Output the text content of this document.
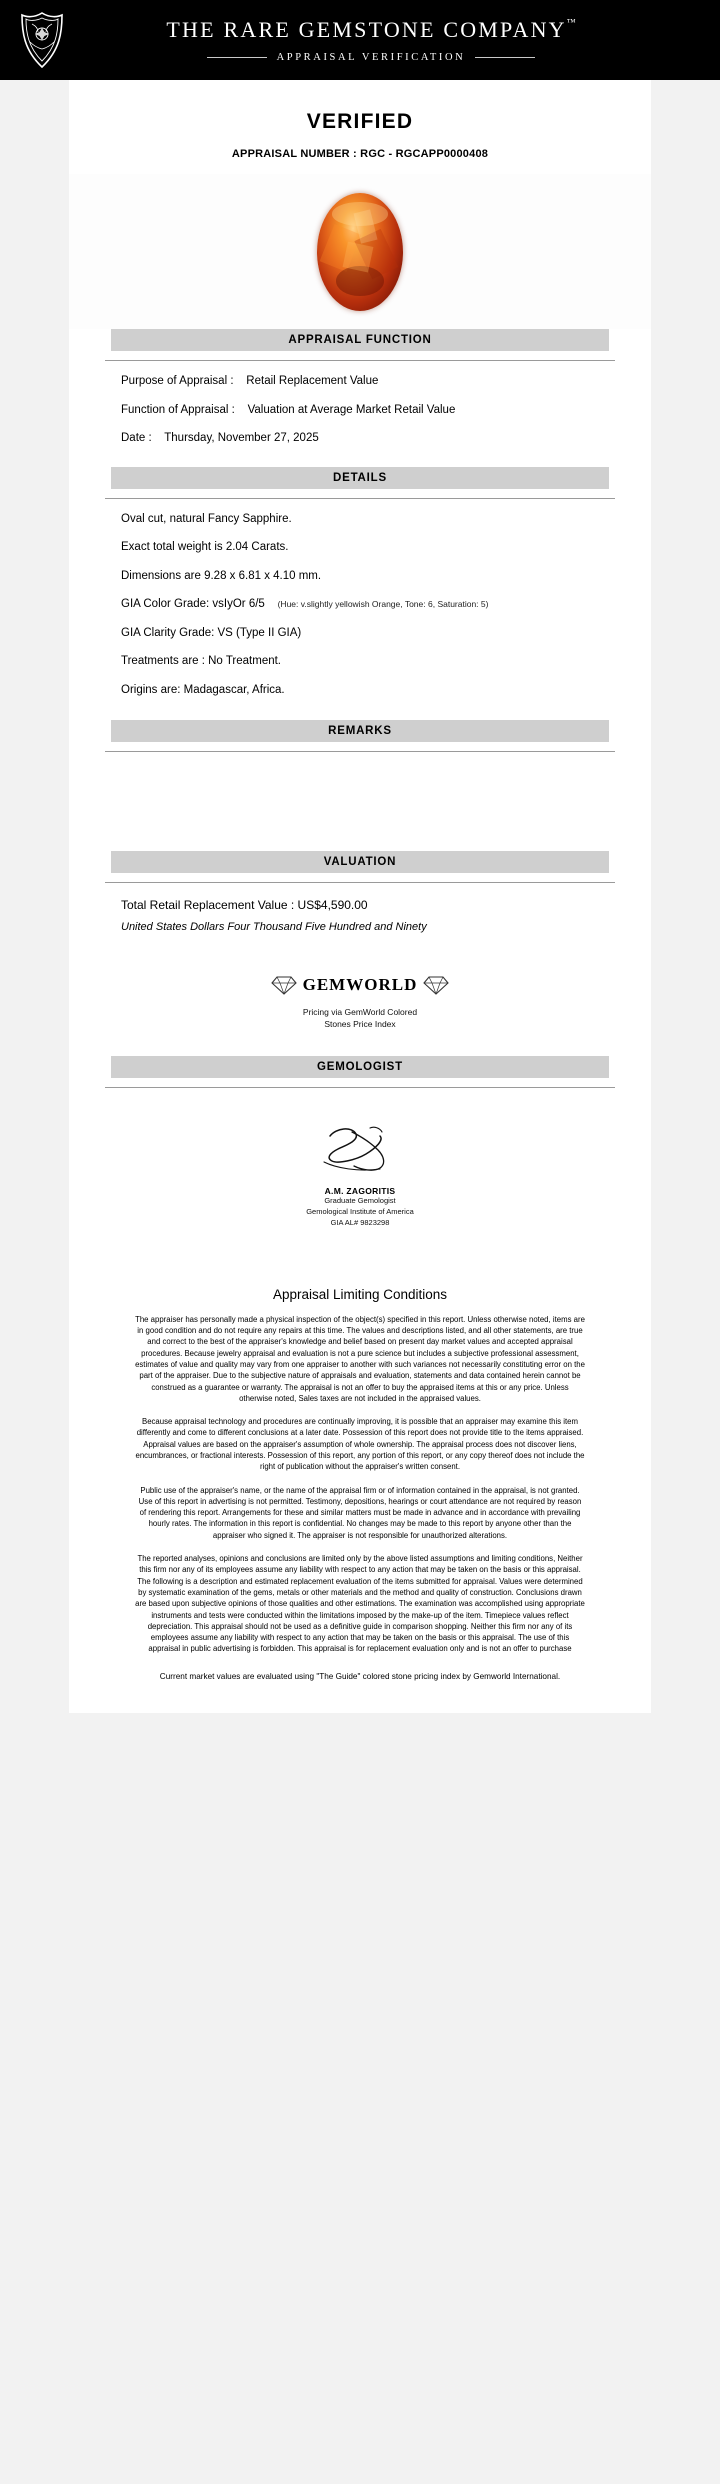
THE RARE GEMSTONE COMPANY™
APPRAISAL VERIFICATION
VERIFIED
APPRAISAL NUMBER : RGC - RGCAPP0000408
APPRAISAL FUNCTION
Purpose of Appraisal : Retail Replacement Value
Function of Appraisal : Valuation at Average Market Retail Value
Date : Thursday, November 27, 2025
DETAILS
Oval cut, natural Fancy Sapphire.
Exact total weight is 2.04 Carats.
Dimensions are 9.28 x 6.81 x 4.10 mm.
GIA Color Grade: vsIyOr 6/5 (Hue: v.slightly yellowish Orange, Tone: 6, Saturation: 5)
GIA Clarity Grade: VS (Type II GIA)
Treatments are : No Treatment.
Origins are: Madagascar, Africa.
REMARKS
VALUATION
Total Retail Replacement Value : US$4,590.00
United States Dollars Four Thousand Five Hundred and Ninety
GEMWORLD
Pricing via GemWorld Colored
Stones Price Index
GEMOLOGIST
A.M. ZAGORITIS
Graduate Gemologist
Gemological Institute of America
GIA AL# 9823298
Appraisal Limiting Conditions
The appraiser has personally made a physical inspection of the object(s) specified in this report. Unless otherwise noted, items are in good condition and do not require any repairs at this time. The values and descriptions listed, and all other statements, are true and correct to the best of the appraiser's knowledge and belief based on present day market values and accepted appraisal procedures. Because jewelry appraisal and evaluation is not a pure science but includes a subjective professional assessment, estimates of value and quality may vary from one appraiser to another with such variances not necessarily constituting error on the part of the appraiser. Due to the subjective nature of appraisals and evaluation, statements and data contained herein cannot be construed as a guarantee or warranty. The appraisal is not an offer to buy the appraised items at this or any price. Unless otherwise noted, Sales taxes are not included in the appraised values.
Because appraisal technology and procedures are continually improving, it is possible that an appraiser may examine this item differently and come to different conclusions at a later date. Possession of this report does not provide title to the items appraised. Appraisal values are based on the appraiser's assumption of whole ownership. The appraisal process does not discover liens, encumbrances, or fractional interests. Possession of this report, any portion of this report, or any copy thereof does not include the right of publication without the appraiser's written consent.
Public use of the appraiser's name, or the name of the appraisal firm or of information contained in the appraisal, is not granted. Use of this report in advertising is not permitted. Testimony, depositions, hearings or court attendance are not required by reason of rendering this report. Arrangements for these and similar matters must be made in advance and in accordance with prevailing hourly rates. The information in this report is confidential. No changes may be made to this report by anyone other than the appraiser who signed it. The appraiser is not responsible for unauthorized alterations.
The reported analyses, opinions and conclusions are limited only by the above listed assumptions and limiting conditions, Neither this firm nor any of its employees assume any liability with respect to any action that may be taken on the basis or this appraisal. The following is a description and estimated replacement evaluation of the items submitted for appraisal. Values were determined by systematic examination of the gems, metals or other materials and the method and quality of construction. Conclusions drawn are based upon subjective opinions of those qualities and other estimations. The examination was accomplished using appropriate instruments and tests were conducted within the limitations imposed by the make-up of the item. Timepiece values reflect depreciation. This appraisal should not be used as a definitive guide in comparison shopping. Neither this firm nor any of its employees assume any liability with respect to any action that may be taken on the basis or this appraisal. The use of this appraisal in public advertising is forbidden. This appraisal is for replacement evaluation only and is not an offer to purchase
Current market values are evaluated using "The Guide" colored stone pricing index by Gemworld International.
